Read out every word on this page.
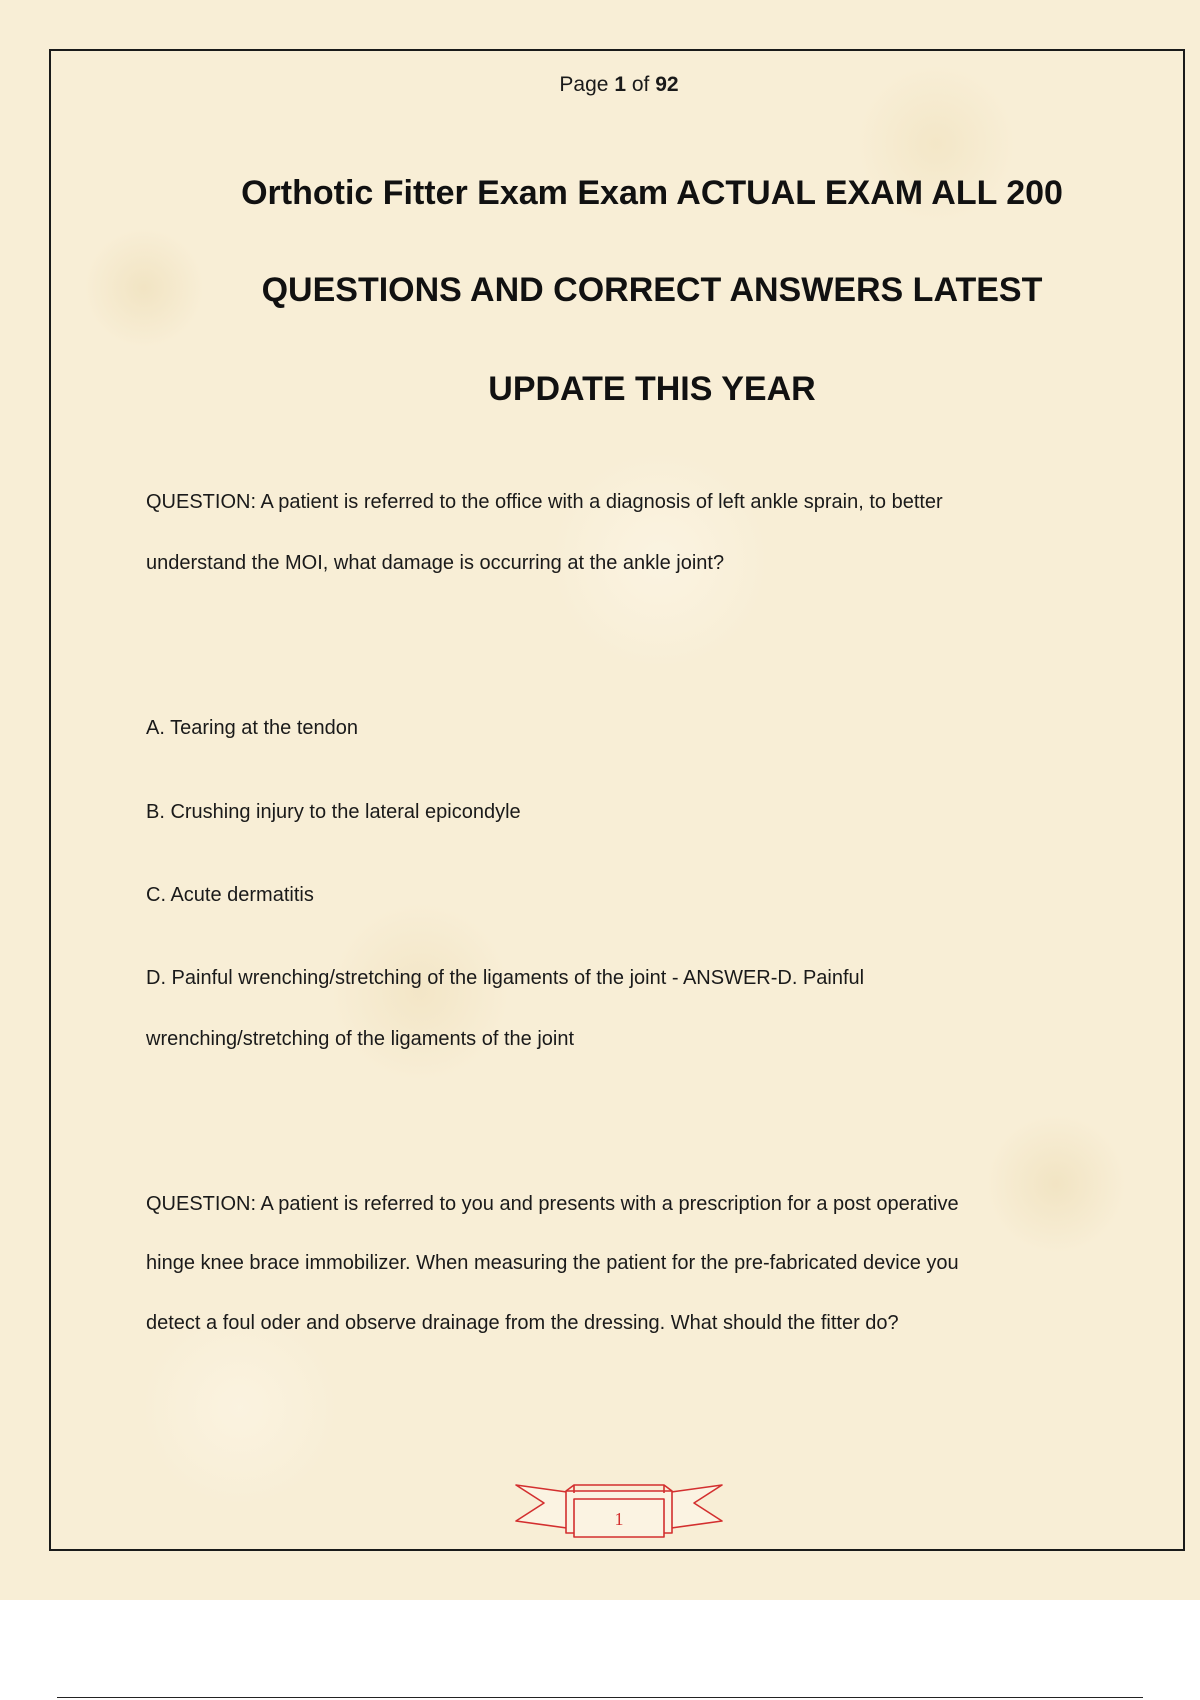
Page 1 of 92
Orthotic Fitter Exam Exam ACTUAL EXAM ALL 200
QUESTIONS AND CORRECT ANSWERS LATEST
UPDATE THIS YEAR
QUESTION: A patient is referred to the office with a diagnosis of left ankle sprain, to better
understand the MOI, what damage is occurring at the ankle joint?
A. Tearing at the tendon
B. Crushing injury to the lateral epicondyle
C. Acute dermatitis
D. Painful wrenching/stretching of the ligaments of the joint - ANSWER-D. Painful
wrenching/stretching of the ligaments of the joint
QUESTION: A patient is referred to you and presents with a prescription for a post operative
hinge knee brace immobilizer. When measuring the patient for the pre-fabricated device you
detect a foul oder and observe drainage from the dressing. What should the fitter do?
1
